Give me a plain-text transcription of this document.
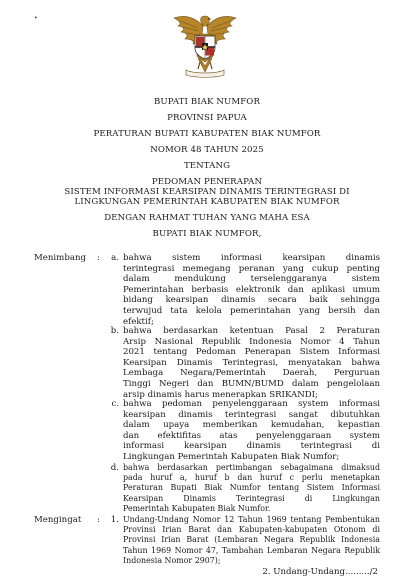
•
BUPATI BIAK NUMFOR
PROVINSI PAPUA
PERATURAN BUPATI KABUPATEN BIAK NUMFOR
NOMOR 48 TAHUN 2025
TENTANG
PEDOMAN PENERAPAN
SISTEM INFORMASI KEARSIPAN DINAMIS TERINTEGRASI DI
LINGKUNGAN PEMERINTAH KABUPATEN BIAK NUMFOR
DENGAN RAHMAT TUHAN YANG MAHA ESA
BUPATI BIAK NUMFOR,
Menimbang :	a. bahwa sistem informasi kearsipan dinamis
terintegrasi memegang peranan yang cukup penting
dalam mendukung terselenggaranya sistem
Pemerintahan berbasis elektronik dan aplikasi umum
bidang kearsipan dinamis secara baik sehingga
terwujud tata kelola pemerintahan yang bersih dan
efektif;
b. bahwa berdasarkan ketentuan Pasal 2 Peraturan
Arsip Nasional Republik Indonesia Nomor 4 Tahun
2021 tentang Pedoman Penerapan Sistem Informasi
Kearsipan Dinamis Terintegrasi, menyatakan bahwa
Lembaga Negara/Pemerintah Daerah, Perguruan
Tinggi Negeri dan BUMN/BUMD dalam pengelolaan
arsip dinamis harus menerapkan SRIKANDI;
c. bahwa pedoman penyelenggaraan system informasi
kearsipan dinamis terintegrasi sangat dibutuhkan
dalam upaya memberikan kemudahan, kepastian
dan efektifitas atas penyelenggaraan system
informasi kearsipan dinamis terintegrasi di
Lingkungan Pemerintah Kabupaten Biak Numfor;
d. bahwa berdasarkan pertimbangan sebagaimana dimaksud
pada huruf a, huruf b dan huruf c perlu menetapkan
Peraturan Bupati Biak Numfor tentang Sistem Informasi
Kearsipan Dinamis Terintegrasi di Lingkungan
Pemerintah Kabupaten Biak Numfor.
Mengingat :	1. Undang-Undang Nomor 12 Tahun 1969 tentang Pembentukan
Provinsi Irian Barat dan Kabupaten-kabupaten Otonom di
Provinsi Irian Barat (Lembaran Negara Republik Indonesia
Tahun 1969 Nomor 47, Tambahan Lembaran Negara Republik
Indonesia Nomor 2907);
2. Undang-Undang........./2
